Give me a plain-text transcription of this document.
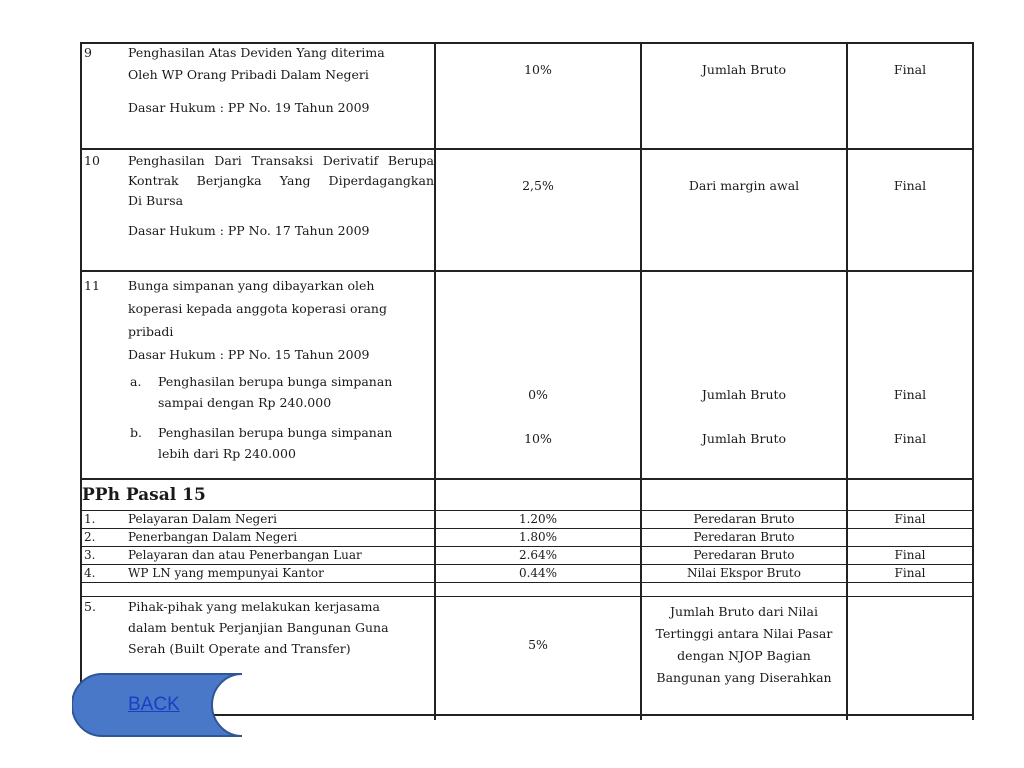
9	Penghasilan Atas Deviden Yang diterima
Oleh WP Orang Pribadi Dalam Negeri
Dasar Hukum : PP No. 19 Tahun 2009
10%	Jumlah Bruto	Final
10 Penghasilan Dari Transaksi Derivatif Berupa
Kontrak Berjangka Yang Diperdagangkan
Di Bursa
Dasar Hukum : PP No. 17 Tahun 2009
2,5%	Dari margin awal	Final
11 Bunga simpanan yang dibayarkan oleh
koperasi kepada anggota koperasi orang
pribadi
Dasar Hukum : PP No. 15 Tahun 2009
a. Penghasilan berupa bunga simpanan
sampai dengan Rp 240.000
0%	Jumlah Bruto	Final
b. Penghasilan berupa bunga simpanan
lebih dari Rp 240.000
10%	Jumlah Bruto	Final
PPh Pasal 15
1.	Pelayaran Dalam Negeri	1.20%	Peredaran Bruto	Final
2.	Penerbangan Dalam Negeri	1.80%	Peredaran Bruto
3.	Pelayaran dan atau Penerbangan Luar	2.64%	Peredaran Bruto	Final
4.	WP LN yang mempunyai Kantor	0.44%	Nilai Ekspor Bruto	Final
5.	Pihak-pihak yang melakukan kerjasama
dalam bentuk Perjanjian Bangunan Guna
Serah (Built Operate and Transfer)	5%
Jumlah Bruto dari Nilai
Tertinggi antara Nilai Pasar
dengan NJOP Bagian
Bangunan yang Diserahkan
BACK
